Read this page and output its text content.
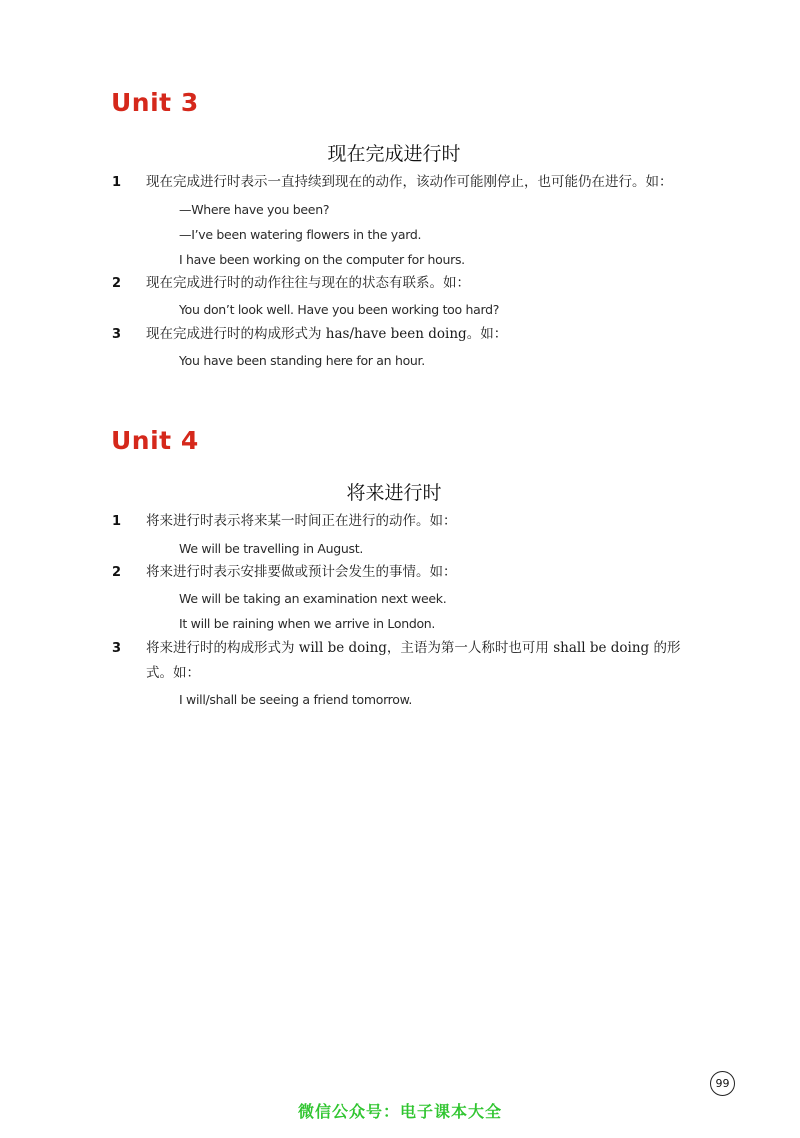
Unit 3
现在完成进行时
1 现在完成进行时表示一直持续到现在的动作，该动作可能刚停止，也可能仍在进行。如：
—Where have you been?
—I’ve been watering flowers in the yard.
I have been working on the computer for hours.
2 现在完成进行时的动作往往与现在的状态有联系。如：
You don’t look well. Have you been working too hard?
3 现在完成进行时的构成形式为 has/have been doing。如：
You have been standing here for an hour.
Unit 4
将来进行时
1 将来进行时表示将来某一时间正在进行的动作。如：
We will be travelling in August.
2 将来进行时表示安排要做或预计会发生的事情。如：
We will be taking an examination next week.
It will be raining when we arrive in London.
3 将来进行时的构成形式为 will be doing，主语为第一人称时也可用 shall be doing 的形式。如：
I will/shall be seeing a friend tomorrow.
99
微信公众号：电子课本大全
